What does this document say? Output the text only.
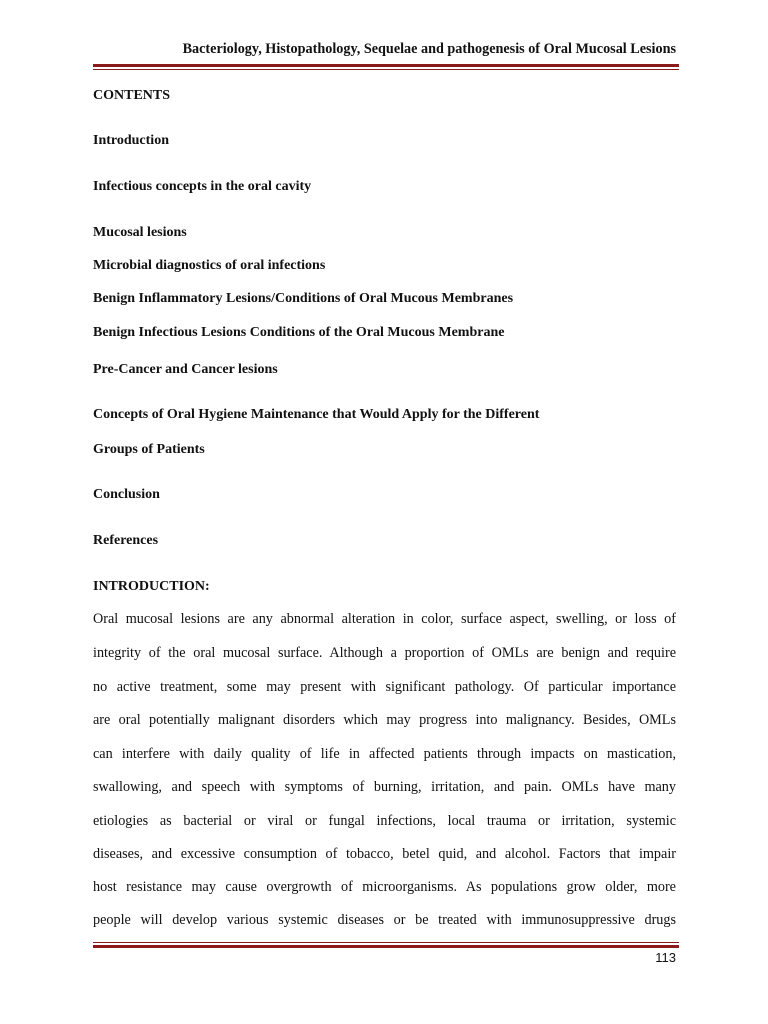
Bacteriology, Histopathology, Sequelae and pathogenesis of Oral Mucosal Lesions
CONTENTS
Introduction
Infectious concepts in the oral cavity
Mucosal lesions
Microbial diagnostics of oral infections
Benign Inflammatory Lesions/Conditions of Oral Mucous Membranes
Benign Infectious Lesions Conditions of the Oral Mucous Membrane
Pre-Cancer and Cancer lesions
Concepts of Oral Hygiene Maintenance that Would Apply for the Different
Groups of Patients
Conclusion
References
INTRODUCTION:
Oral mucosal lesions are any abnormal alteration in color, surface aspect, swelling, or loss of
integrity of the oral mucosal surface. Although a proportion of OMLs are benign and require
no active treatment, some may present with significant pathology. Of particular importance
are oral potentially malignant disorders which may progress into malignancy. Besides, OMLs
can interfere with daily quality of life in affected patients through impacts on mastication,
swallowing, and speech with symptoms of burning, irritation, and pain. OMLs have many
etiologies as bacterial or viral or fungal infections, local trauma or irritation, systemic
diseases, and excessive consumption of tobacco, betel quid, and alcohol. Factors that impair
host resistance may cause overgrowth of microorganisms. As populations grow older, more
people will develop various systemic diseases or be treated with immunosuppressive drugs
113
